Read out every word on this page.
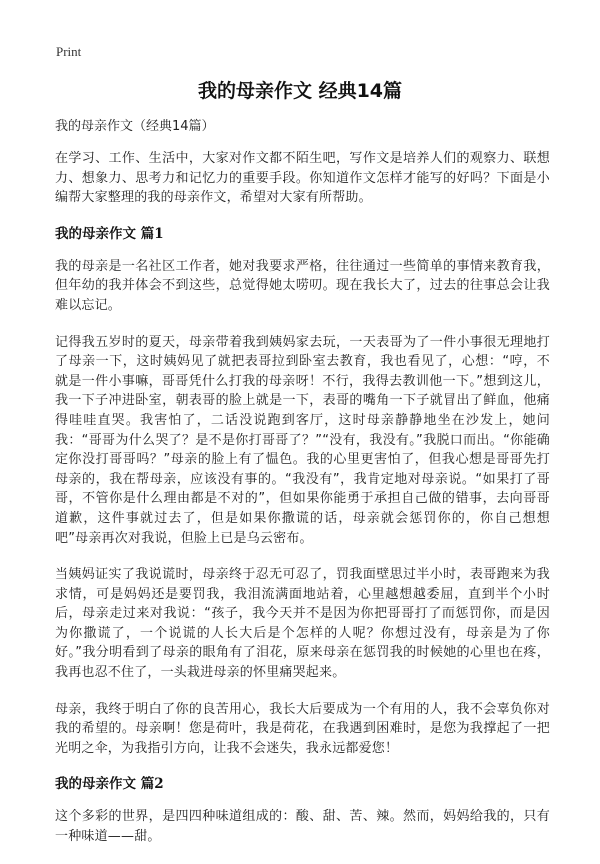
Print
我的母亲作文 经典14篇
我的母亲作文（经典14篇）

在学习、工作、生活中，大家对作文都不陌生吧，写作文是培养人们的观察力、联想力、想象力、思考力和记忆力的重要手段。你知道作文怎样才能写的好吗？下面是小编帮大家整理的我的母亲作文，希望对大家有所帮助。

我的母亲作文 篇1

我的母亲是一名社区工作者，她对我要求严格，往往通过一些简单的事情来教育我，但年幼的我并体会不到这些，总觉得她太唠叨。现在我长大了，过去的往事总会让我难以忘记。

记得我五岁时的夏天，母亲带着我到姨妈家去玩，一天表哥为了一件小事很无理地打了母亲一下，这时姨妈见了就把表哥拉到卧室去教育，我也看见了，心想：“哼，不就是一件小事嘛，哥哥凭什么打我的母亲呀！不行，我得去教训他一下。”想到这儿，我一下子冲进卧室，朝表哥的脸上就是一下，表哥的嘴角一下子就冒出了鲜血，他痛得哇哇直哭。我害怕了，二话没说跑到客厅，这时母亲静静地坐在沙发上，她问我：“哥哥为什么哭了？是不是你打哥哥了？”“没有，我没有。”我脱口而出。“你能确定你没打哥哥吗？”母亲的脸上有了愠色。我的心里更害怕了，但我心想是哥哥先打母亲的，我在帮母亲，应该没有事的。“我没有”，我肯定地对母亲说。“如果打了哥哥，不管你是什么理由都是不对的”，但如果你能勇于承担自己做的错事，去向哥哥道歉，这件事就过去了，但是如果你撒谎的话，母亲就会惩罚你的，你自己想想吧”母亲再次对我说，但脸上已是乌云密布。

当姨妈证实了我说谎时，母亲终于忍无可忍了，罚我面壁思过半小时，表哥跑来为我求情，可是妈妈还是要罚我，我泪流满面地站着，心里越想越委屈，直到半个小时后，母亲走过来对我说：“孩子，我今天并不是因为你把哥哥打了而惩罚你，而是因为你撒谎了，一个说谎的人长大后是个怎样的人呢？你想过没有，母亲是为了你好。”我分明看到了母亲的眼角有了泪花，原来母亲在惩罚我的时候她的心里也在疼，我再也忍不住了，一头栽进母亲的怀里痛哭起来。

母亲，我终于明白了你的良苦用心，我长大后要成为一个有用的人，我不会辜负你对我的希望的。母亲啊！您是荷叶，我是荷花，在我遇到困难时，是您为我撑起了一把光明之伞，为我指引方向，让我不会迷失，我永远都爱您！

我的母亲作文 篇2

这个多彩的世界，是四四种味道组成的：酸、甜、苦、辣。然而，妈妈给我的，只有一种味道——甜。
